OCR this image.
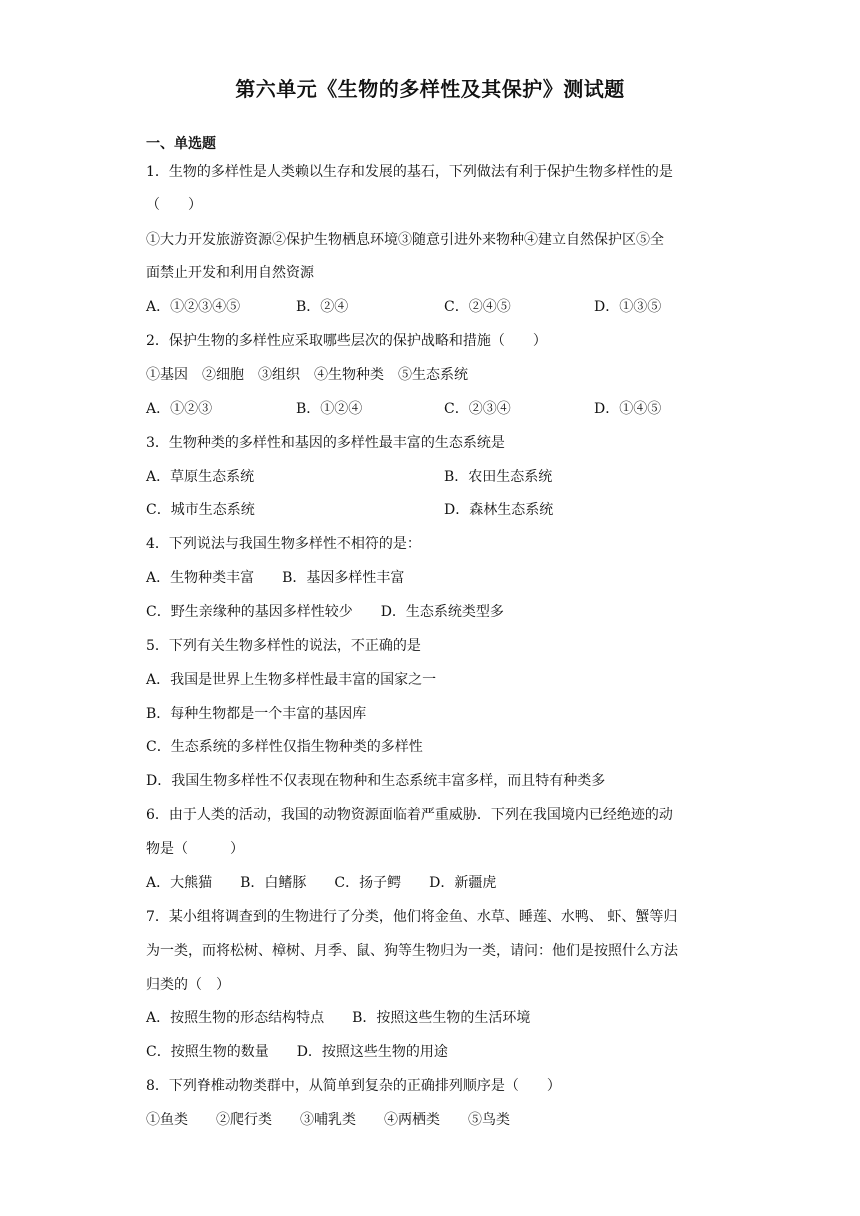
第六单元《生物的多样性及其保护》测试题
一、单选题
1．生物的多样性是人类赖以生存和发展的基石，下列做法有利于保护生物多样性的是
（　　）
①大力开发旅游资源②保护生物栖息环境③随意引进外来物种④建立自然保护区⑤全
面禁止开发和利用自然资源
A．①②③④⑤	B．②④	C．②④⑤	D．①③⑤
2．保护生物的多样性应采取哪些层次的保护战略和措施（　　）
①基因　②细胞　③组织　④生物种类　⑤生态系统
A．①②③	B．①②④	C．②③④	D．①④⑤
3．生物种类的多样性和基因的多样性最丰富的生态系统是
A．草原生态系统	B．农田生态系统
C．城市生态系统	D．森林生态系统
4．下列说法与我国生物多样性不相符的是：
A．生物种类丰富　　B．基因多样性丰富
C．野生亲缘种的基因多样性较少　　D．生态系统类型多
5．下列有关生物多样性的说法，不正确的是
A．我国是世界上生物多样性最丰富的国家之一
B．每种生物都是一个丰富的基因库
C．生态系统的多样性仅指生物种类的多样性
D．我国生物多样性不仅表现在物种和生态系统丰富多样，而且特有种类多
6．由于人类的活动，我国的动物资源面临着严重威胁．下列在我国境内已经绝迹的动
物是（　　　）
A．大熊猫　　B．白鳍豚　　C．扬子鳄　　D．新疆虎
7．某小组将调查到的生物进行了分类，他们将金鱼、水草、睡莲、水鸭、 虾、蟹等归
为一类，而将松树、樟树、月季、鼠、狗等生物归为一类，请问：他们是按照什么方法
归类的（　）
A．按照生物的形态结构特点　　B．按照这些生物的生活环境
C．按照生物的数量　　D．按照这些生物的用途
8．下列脊椎动物类群中，从简单到复杂的正确排列顺序是（　　）
①鱼类　　②爬行类　　③哺乳类　　④两栖类　　⑤鸟类
